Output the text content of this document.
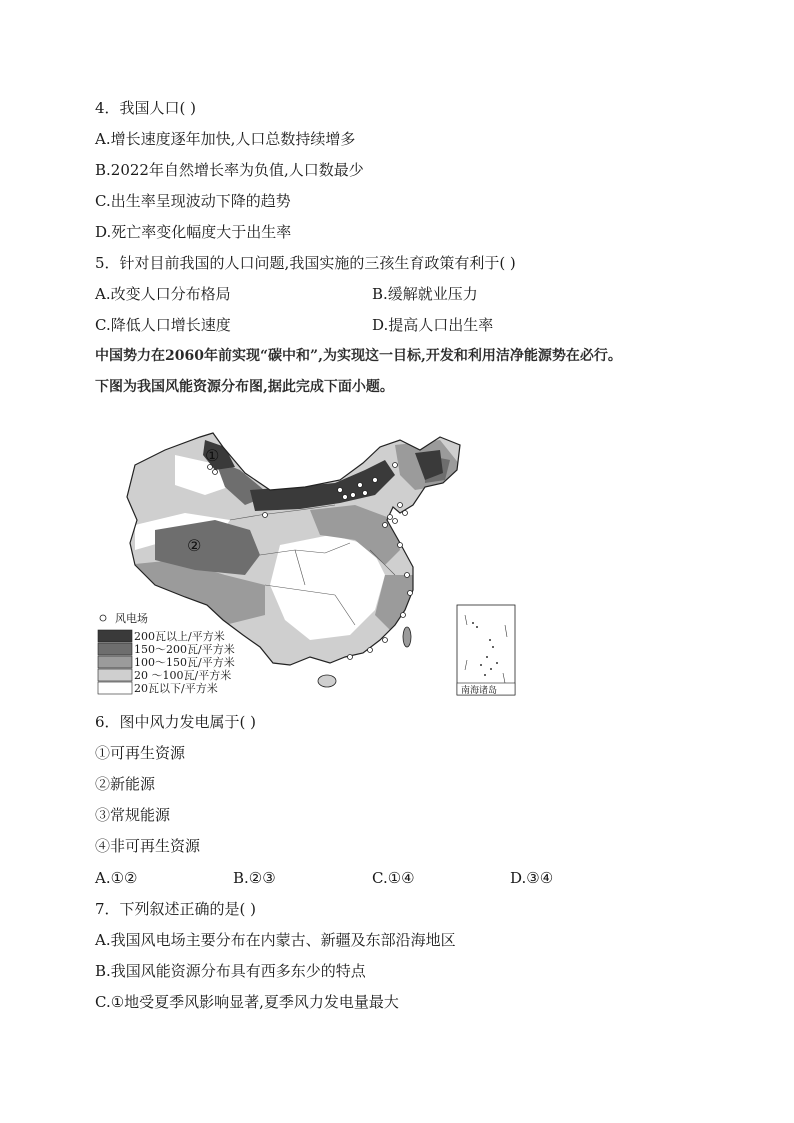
4．我国人口( )
A.增长速度逐年加快,人口总数持续增多
B.2022年自然增长率为负值,人口数最少
C.出生率呈现波动下降的趋势
D.死亡率变化幅度大于出生率
5．针对目前我国的人口问题,我国实施的三孩生育政策有利于( )
A.改变人口分布格局	B.缓解就业压力
C.降低人口增长速度	D.提高人口出生率
中国势力在2060年前实现“碳中和”,为实现这一目标,开发和利用洁净能源势在必行。
下图为我国风能资源分布图,据此完成下面小题。
①
②
南海诸岛
风电场
200瓦以上/平方米
150～200瓦/平方米
100～150瓦/平方米
20 ～100瓦/平方米
20瓦以下/平方米
6．图中风力发电属于( )
①可再生资源
②新能源
③常规能源
④非可再生资源
A.①②	B.②③	C.①④	D.③④
7．下列叙述正确的是( )
A.我国风电场主要分布在内蒙古、新疆及东部沿海地区
B.我国风能资源分布具有西多东少的特点
C.①地受夏季风影响显著,夏季风力发电量最大
